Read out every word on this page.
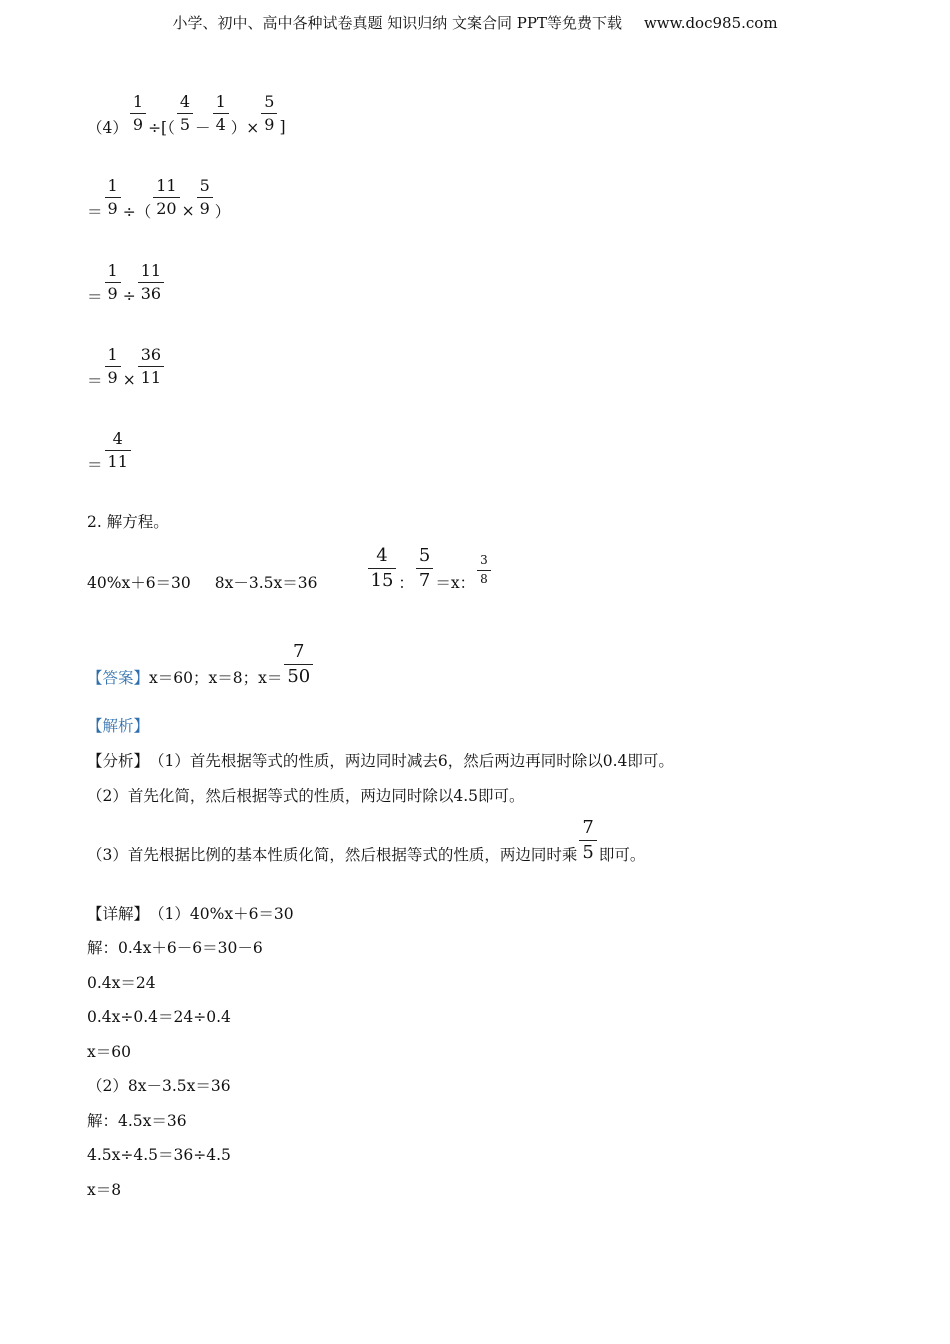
小学、初中、高中各种试卷真题 知识归纳 文案合同 PPT等免费下载 www.doc985.com
$(4) \frac{1}{9}$ ÷[（ $\frac{4}{5} - \frac{1}{4}$ ）× $\frac{5}{9}$ ]
＝ $\frac{1}{9}$ ÷（ $\frac{11}{20} \times \frac{5}{9}$ ）
＝ $\frac{1}{9} \div \frac{11}{36}$
＝ $\frac{1}{9} \times \frac{36}{11}$
＝ $\frac{4}{11}$
2. 解方程。
40%x＋6＝30 8x－3.5x＝36	$\frac{4}{15}$ ： $\frac{5}{7} =x$： $\frac{3}{8}$
【答案】 x＝60；x＝8；$x= \frac{7}{50}$
【解析】
【分析】 （1）首先根据等式的性质，两边同时减去6，然后两边再同时除以0.4即可。
（2）首先化简，然后根据等式的性质，两边同时除以4.5即可。
（3）首先根据比例的基本性质化简，然后根据等式的性质，两边同时乘 $\frac{7}{5}$ 即可。
【详解】 （1）40%x＋6＝30
解：0.4x＋6－6＝30－6
0.4x＝24
0.4x÷0.4＝24÷0.4
x＝60
（2）8x－3.5x＝36
解：4.5x＝36
4.5x÷4.5＝36÷4.5
x＝8
